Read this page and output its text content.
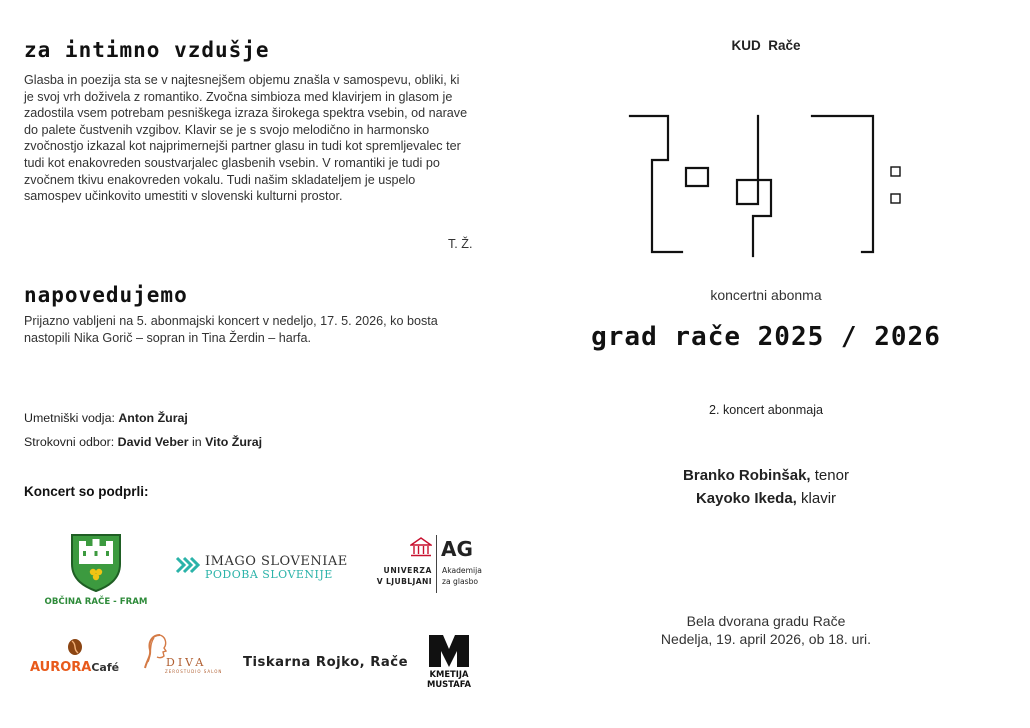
za intimno vzdušje
Glasba in poezija sta se v najtesnejšem objemu znašla v samospevu, obliki, ki je svoj vrh doživela z romantiko. Zvočna simbioza med klavirjem in glasom je zadostila vsem potrebam pesniškega izraza širokega spektra vsebin, od narave do palete čustvenih vzgibov. Klavir se je s svojo melodično in harmonsko zvočnostjo izkazal kot najprimernejši partner glasu in tudi kot spremljevalec ter tudi kot enakovreden soustvarjalec glasbenih vsebin. V romantiki je tudi po zvočnem tkivu enakovreden vokalu. Tudi našim skladateljem je uspelo samospev učinkovito umestiti v slovenski kulturni prostor.
T. Ž.
napovedujemo
Prijazno vabljeni na 5. abonmajski koncert v nedeljo, 17. 5. 2026, ko bosta nastopili Nika Gorič – sopran in Tina Žerdin – harfa.
Umetniški vodja: Anton Žuraj
Strokovni odbor: David Veber in Vito Žuraj
Koncert so podprli:
OBČINA RAČE - FRAM
IMAGO SLOVENIAE
PODOBA SLOVENIJE	UNIVERZA
V LJUBLJANI
AG
Akademija
za glasbo
AURORACafé	DIVA
ZEROSTUDIO SALON
Tiskarna Rojko, Rače
KMETIJA
MUSTAFA
KUD  Rače
koncertni abonma
grad rače 2025 / 2026
2. koncert abonmaja
Branko Robinšak, tenor
Kayoko Ikeda, klavir
Bela dvorana gradu Rače
Nedelja, 19. april 2026, ob 18. uri.
